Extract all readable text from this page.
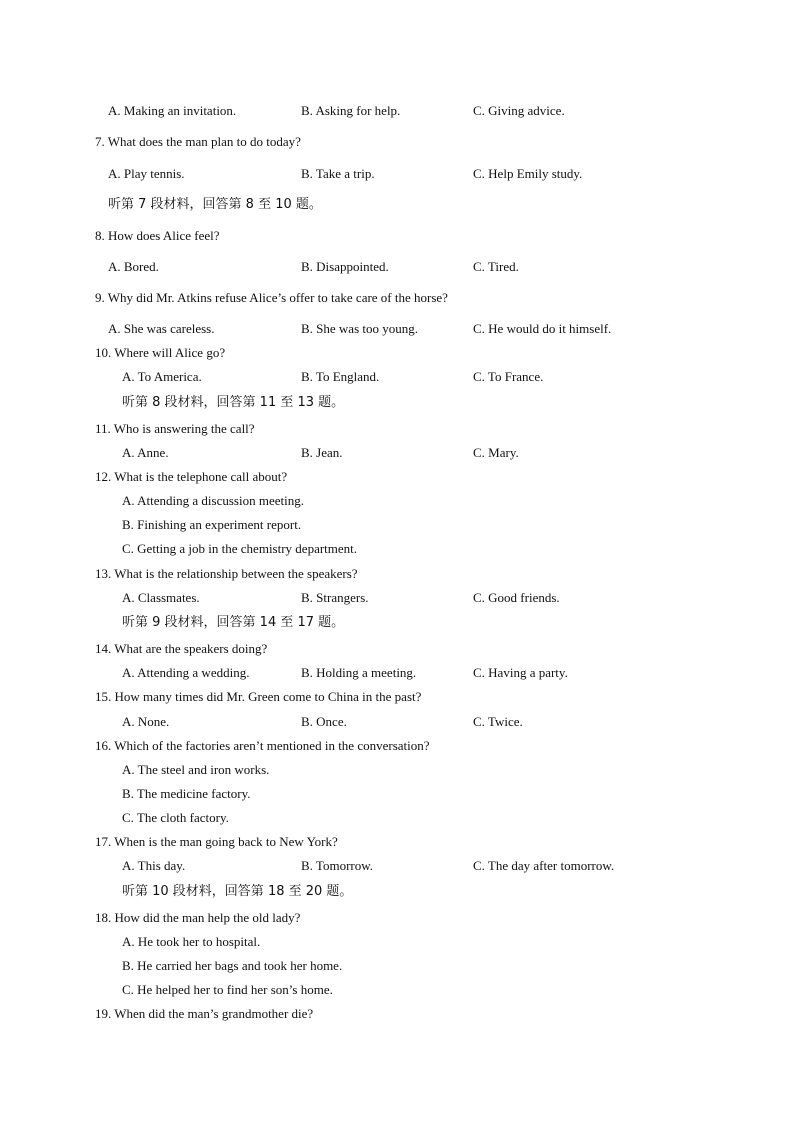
A. Making an invitation.	B. Asking for help.	C. Giving advice.
7. What does the man plan to do today?
A. Play tennis.	B. Take a trip.	C. Help Emily study.
听第 7 段材料，回答第 8 至 10 题。
8. How does Alice feel?
A. Bored.	B. Disappointed.	C. Tired.
9. Why did Mr. Atkins refuse Alice’s offer to take care of the horse?
A. She was careless.	B. She was too young.	C. He would do it himself.
10. Where will Alice go?
A. To America.	B. To England.	C. To France.
听第 8 段材料，回答第 11 至 13 题。
11. Who is answering the call?
A. Anne.	B. Jean.	C. Mary.
12. What is the telephone call about?
A. Attending a discussion meeting.
B. Finishing an experiment report.
C. Getting a job in the chemistry department.
13. What is the relationship between the speakers?
A. Classmates.	B. Strangers.	C. Good friends.
听第 9 段材料，回答第 14 至 17 题。
14. What are the speakers doing?
A. Attending a wedding.	B. Holding a meeting.	C. Having a party.
15. How many times did Mr. Green come to China in the past?
A. None.	B. Once.	C. Twice.
16. Which of the factories aren’t mentioned in the conversation?
A. The steel and iron works.
B. The medicine factory.
C. The cloth factory.
17. When is the man going back to New York?
A. This day.	B. Tomorrow.	C. The day after tomorrow.
听第 10 段材料，回答第 18 至 20 题。
18. How did the man help the old lady?
A. He took her to hospital.
B. He carried her bags and took her home.
C. He helped her to find her son’s home.
19. When did the man’s grandmother die?
